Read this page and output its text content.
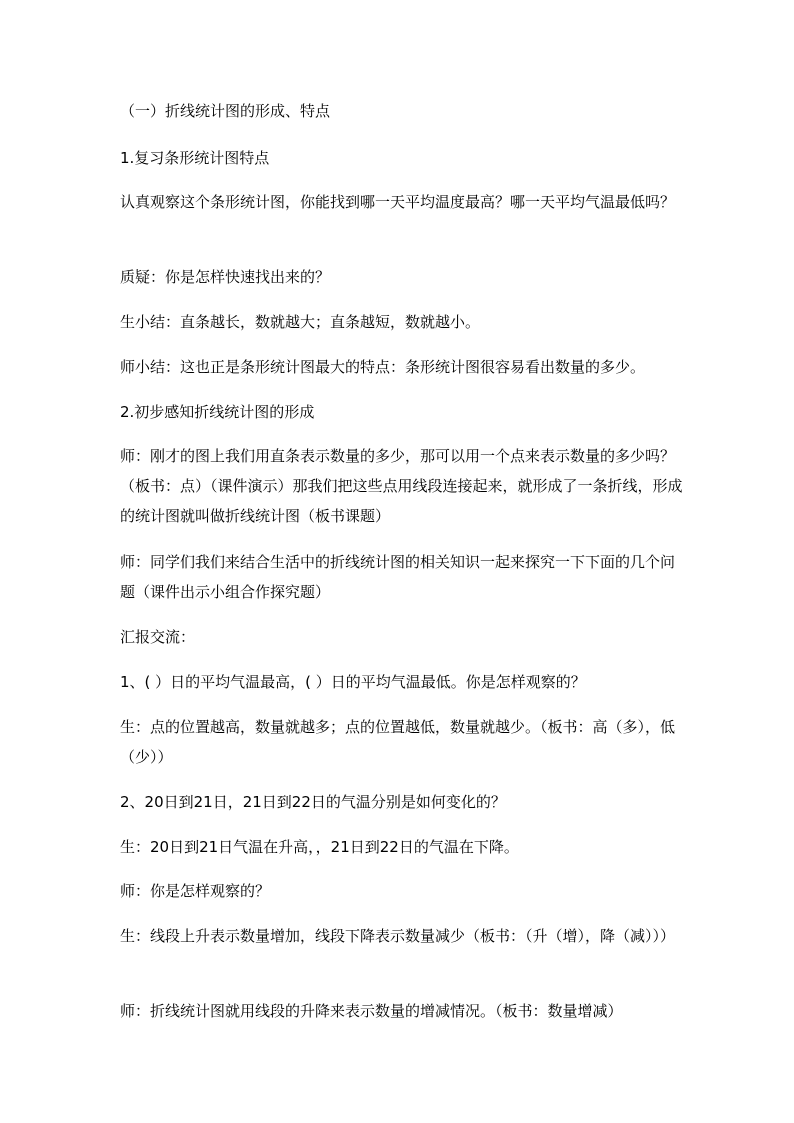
（一）折线统计图的形成、特点

1.复习条形统计图特点

认真观察这个条形统计图，你能找到哪一天平均温度最高？哪一天平均气温最低吗？

质疑：你是怎样快速找出来的？

生小结：直条越长，数就越大；直条越短，数就越小。

师小结：这也正是条形统计图最大的特点：条形统计图很容易看出数量的多少。

2.初步感知折线统计图的形成

师：刚才的图上我们用直条表示数量的多少，那可以用一个点来表示数量的多少吗？（板书：点）（课件演示）那我们把这些点用线段连接起来，就形成了一条折线，形成的统计图就叫做折线统计图（板书课题）

师：同学们我们来结合生活中的折线统计图的相关知识一起来探究一下下面的几个问题（课件出示小组合作探究题）

汇报交流：

1、( ）日的平均气温最高，( ）日的平均气温最低。你是怎样观察的？

生：点的位置越高，数量就越多；点的位置越低，数量就越少。（板书：高（多），低（少））

2、20日到21日，21日到22日的气温分别是如何变化的？

生：20日到21日气温在升高，，21日到22日的气温在下降。

师：你是怎样观察的？

生：线段上升表示数量增加，线段下降表示数量减少（板书：（升（增），降（减）））

师：折线统计图就用线段的升降来表示数量的增减情况。（板书：数量增减）
